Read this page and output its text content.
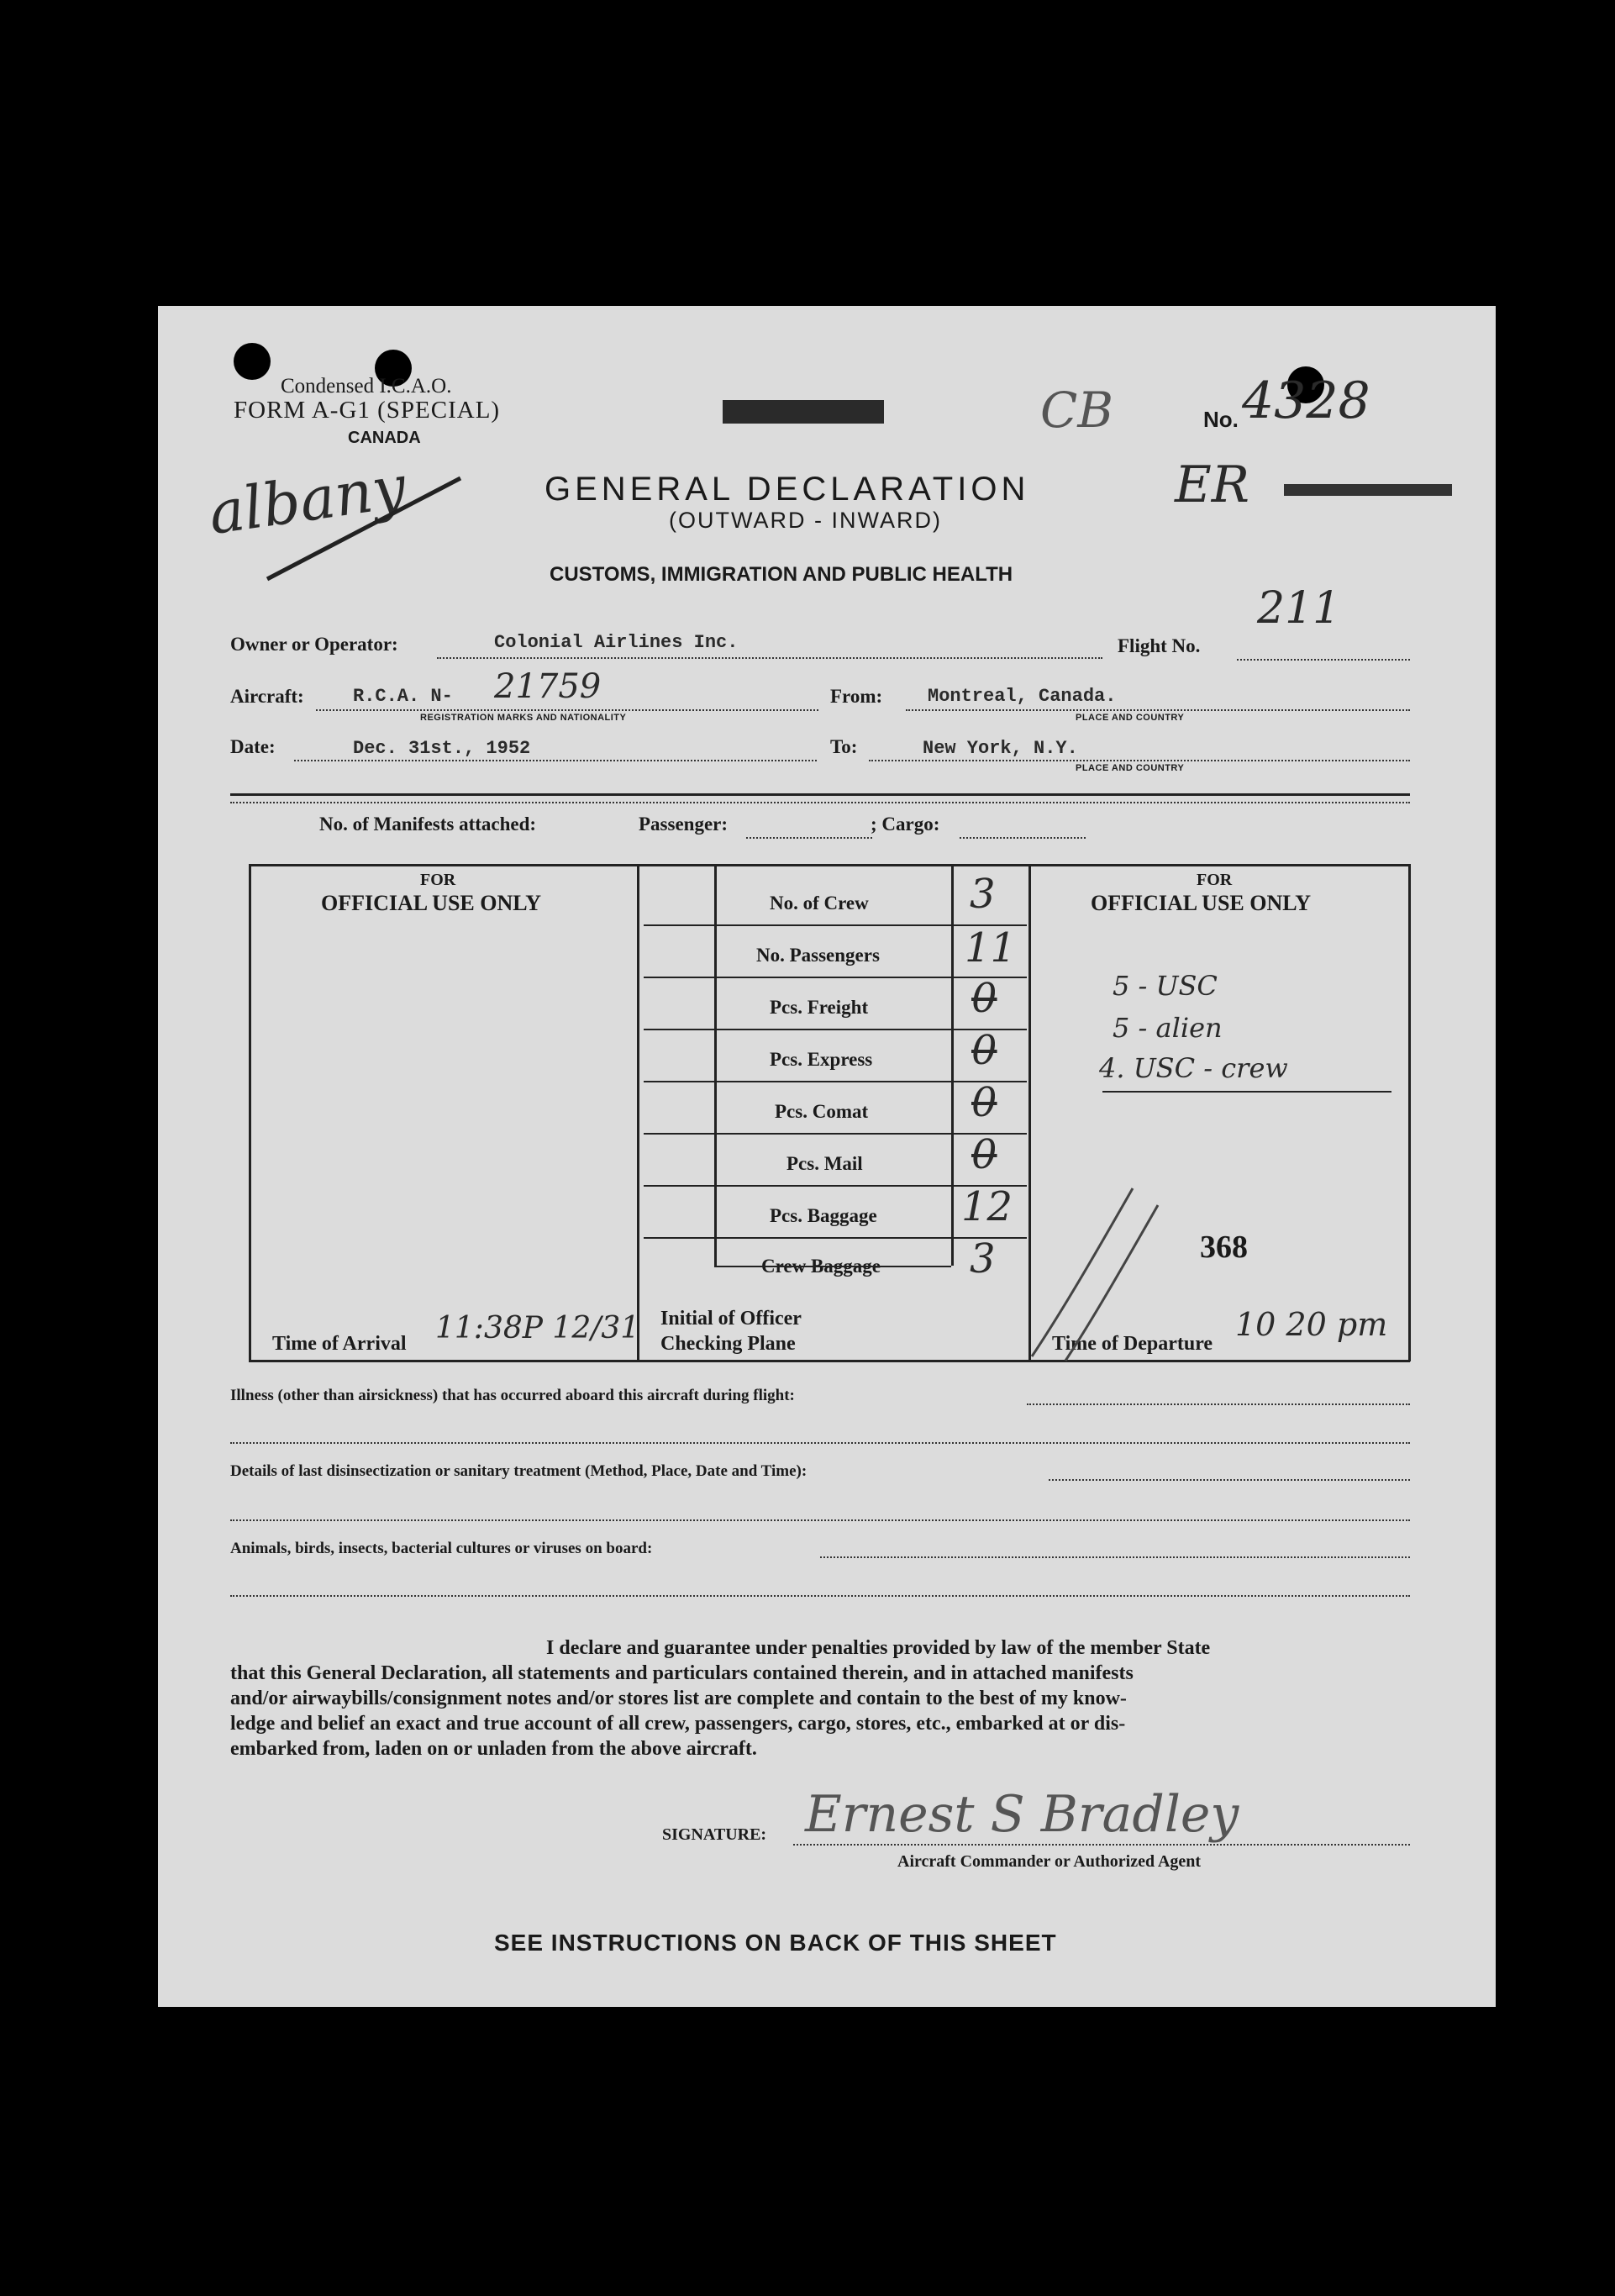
Condensed I.C.A.O.
FORM A-G1 (SPECIAL)
CANADA	CB	No. 4328
albany	GENERAL DECLARATION
(OUTWARD - INWARD)
CUSTOMS, IMMIGRATION AND PUBLIC HEALTH
ER
Owner or Operator:	Colonial Airlines Inc.	Flight No.
211
Aircraft:	R.C.A. N- 21759
REGISTRATION MARKS AND NATIONALITY
From: Montreal, Canada.
PLACE AND COUNTRY
Date:	Dec. 31st., 1952	To:	New York, N.Y.
PLACE AND COUNTRY
No. of Manifests attached:	Passenger:	; Cargo:
FOR
OFFICIAL USE ONLY
FOR
OFFICIAL USE ONLY
No. of Crew	3
No. Passengers 11
Pcs. Freight	0
Pcs. Express 0
Pcs. Comat	0
Pcs. Mail	0
Pcs. Baggage 12
Crew Baggage 3
5 - USC
5 - alien
4. USC - crew
368
Time of Arrival 11:38P 12/31 Initial of Officer
Checking Plane	Time of Departure
10 20 pm
Illness (other than airsickness) that has occurred aboard this aircraft during flight:
Details of last disinsectization or sanitary treatment (Method, Place, Date and Time):
Animals, birds, insects, bacterial cultures or viruses on board:
I declare and guarantee under penalties provided by law of the member State
that this General Declaration, all statements and particulars contained therein, and in attached manifests
and/or airwaybills/consignment notes and/or stores list are complete and contain to the best of my know-
ledge and belief an exact and true account of all crew, passengers, cargo, stores, etc., embarked at or dis-
embarked from, laden on or unladen from the above aircraft.
SIGNATURE: Ernest S Bradley
Aircraft Commander or Authorized Agent
SEE INSTRUCTIONS ON BACK OF THIS SHEET
